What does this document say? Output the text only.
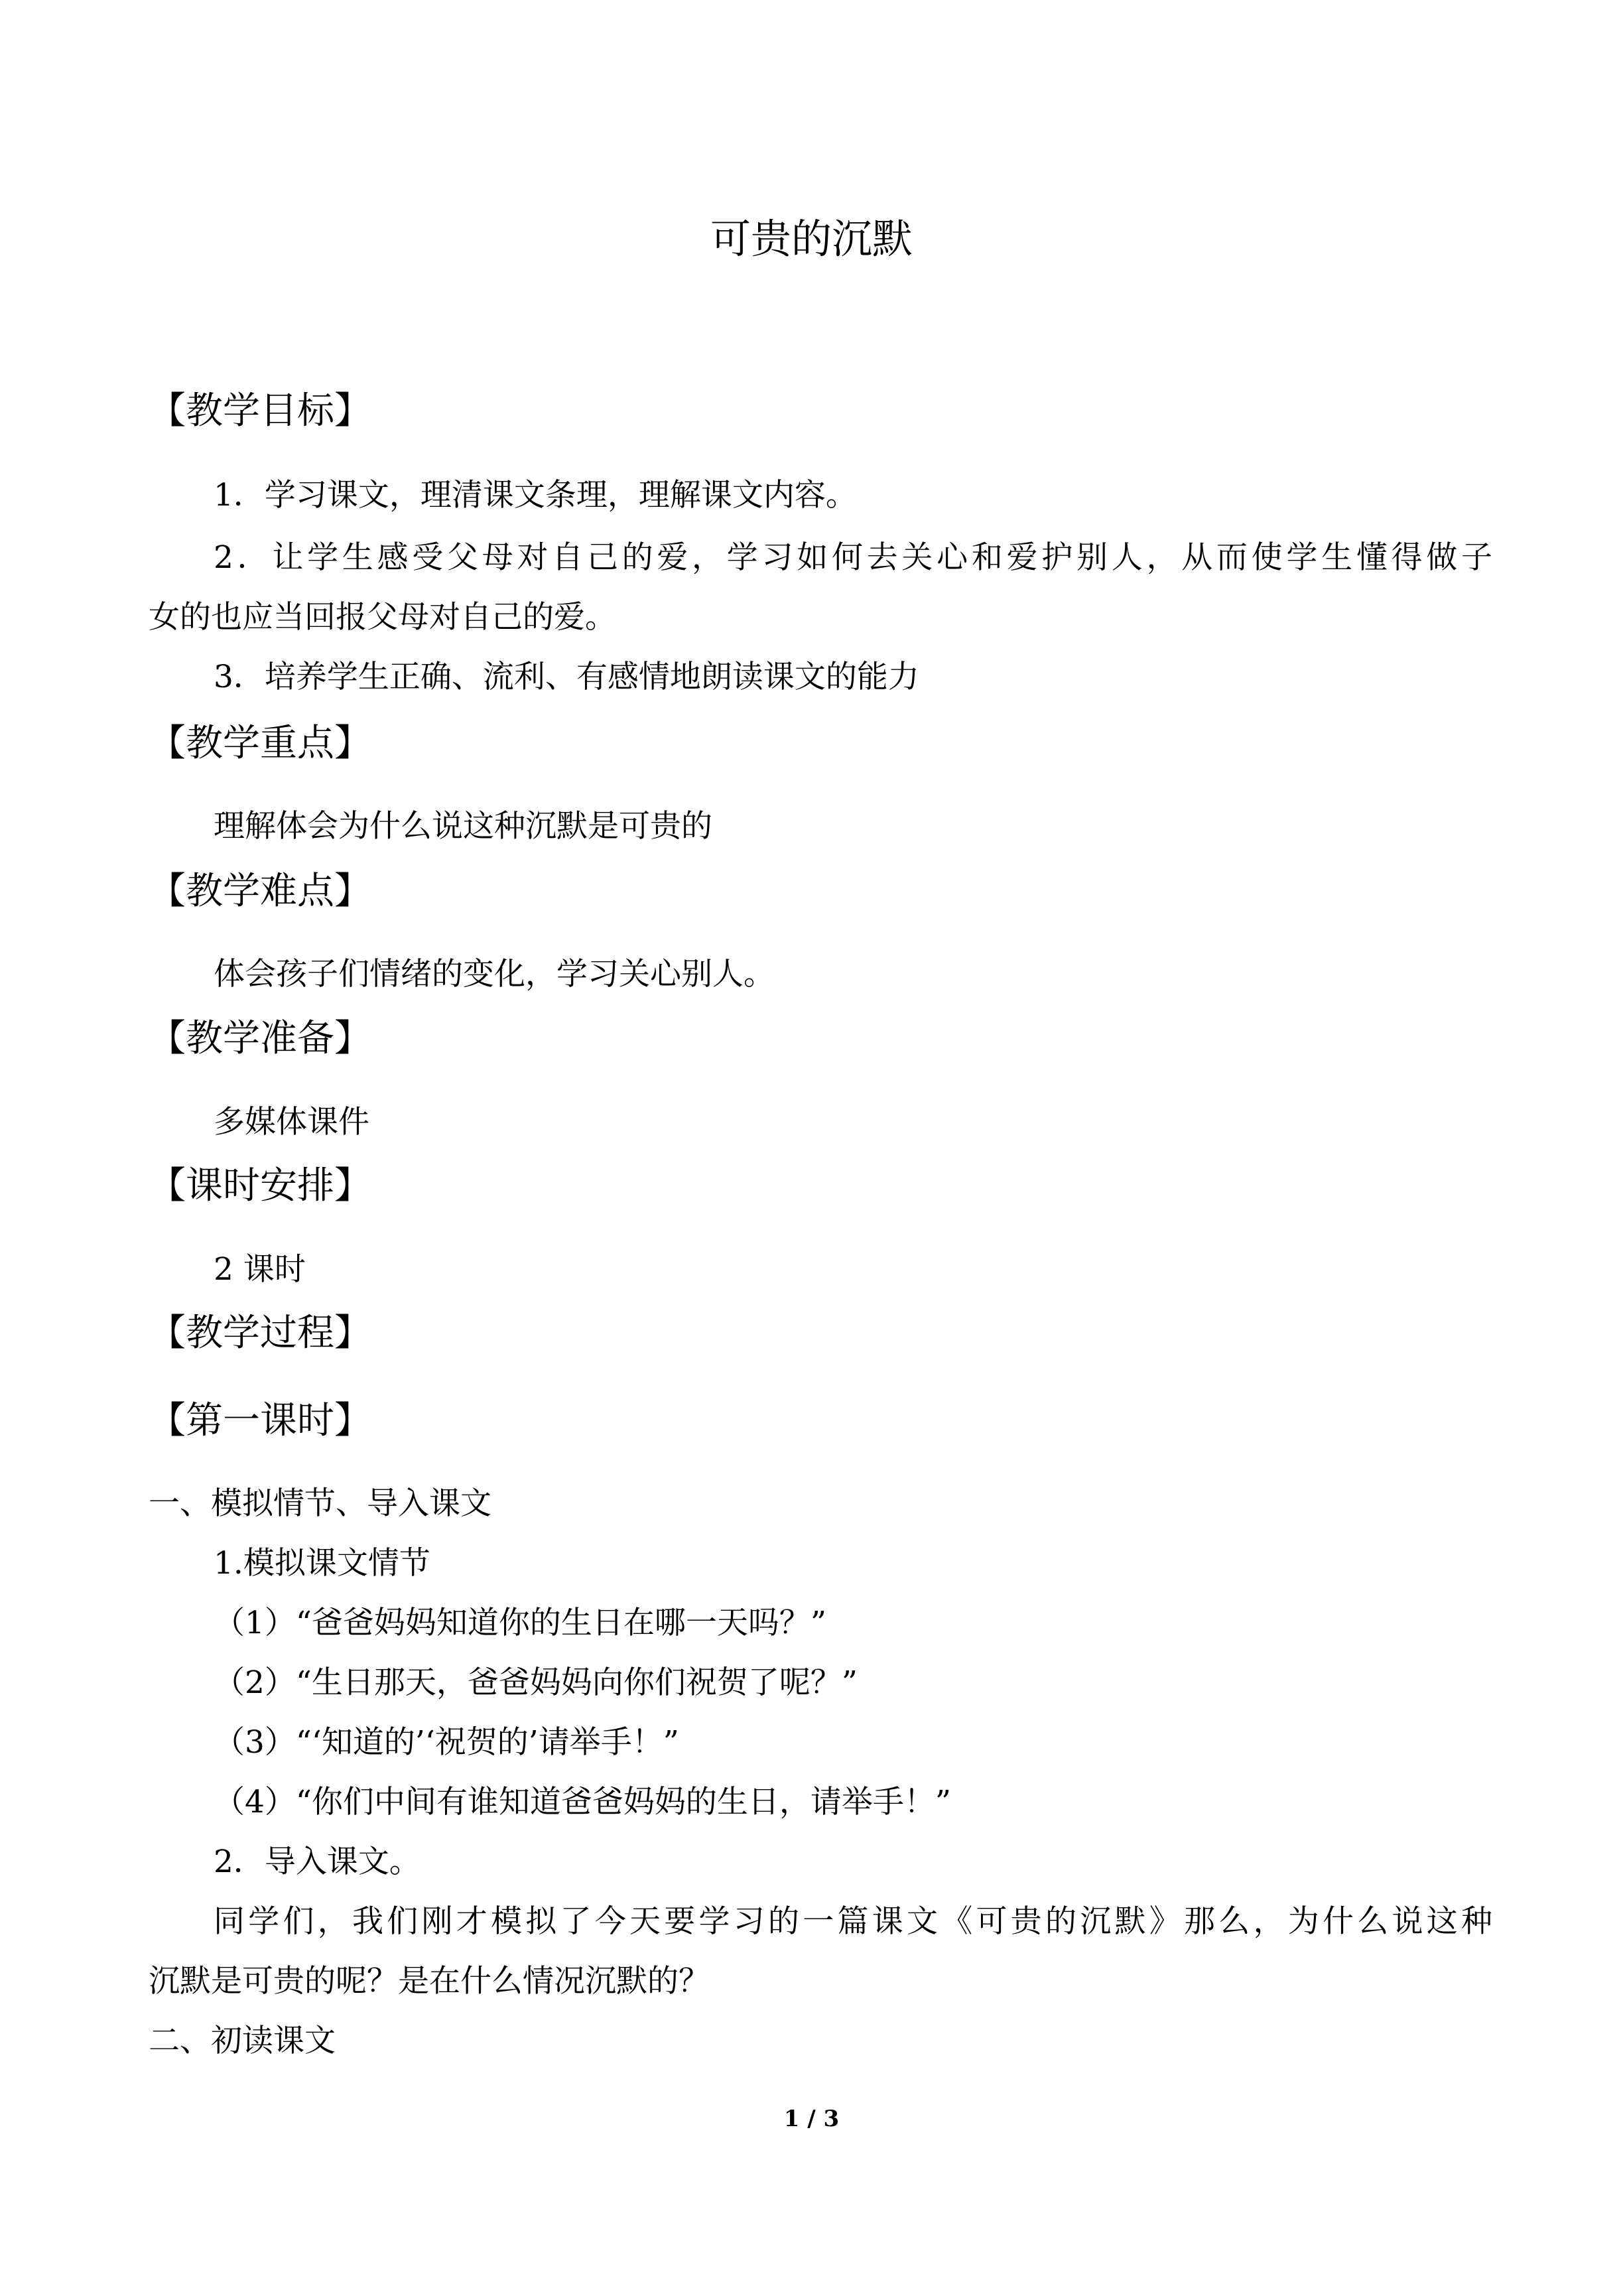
可贵的沉默
【教学目标】
1．学习课文，理清课文条理，理解课文内容。
2．让学生感受父母对自己的爱，学习如何去关心和爱护别人，从而使学生懂得做子
女的也应当回报父母对自己的爱。
3．培养学生正确、流利、有感情地朗读课文的能力
【教学重点】
理解体会为什么说这种沉默是可贵的
【教学难点】
体会孩子们情绪的变化，学习关心别人。
【教学准备】
多媒体课件
【课时安排】
2 课时
【教学过程】
【第一课时】
一、模拟情节、导入课文
1.模拟课文情节
（1）“爸爸妈妈知道你的生日在哪一天吗？”
（2）“生日那天，爸爸妈妈向你们祝贺了呢？”
（3）“‘知道的’‘祝贺的’请举手！”
（4）“你们中间有谁知道爸爸妈妈的生日，请举手！”
2．导入课文。
同学们，我们刚才模拟了今天要学习的一篇课文《可贵的沉默》那么，为什么说这种
沉默是可贵的呢？是在什么情况沉默的？
二、初读课文
1 / 3
